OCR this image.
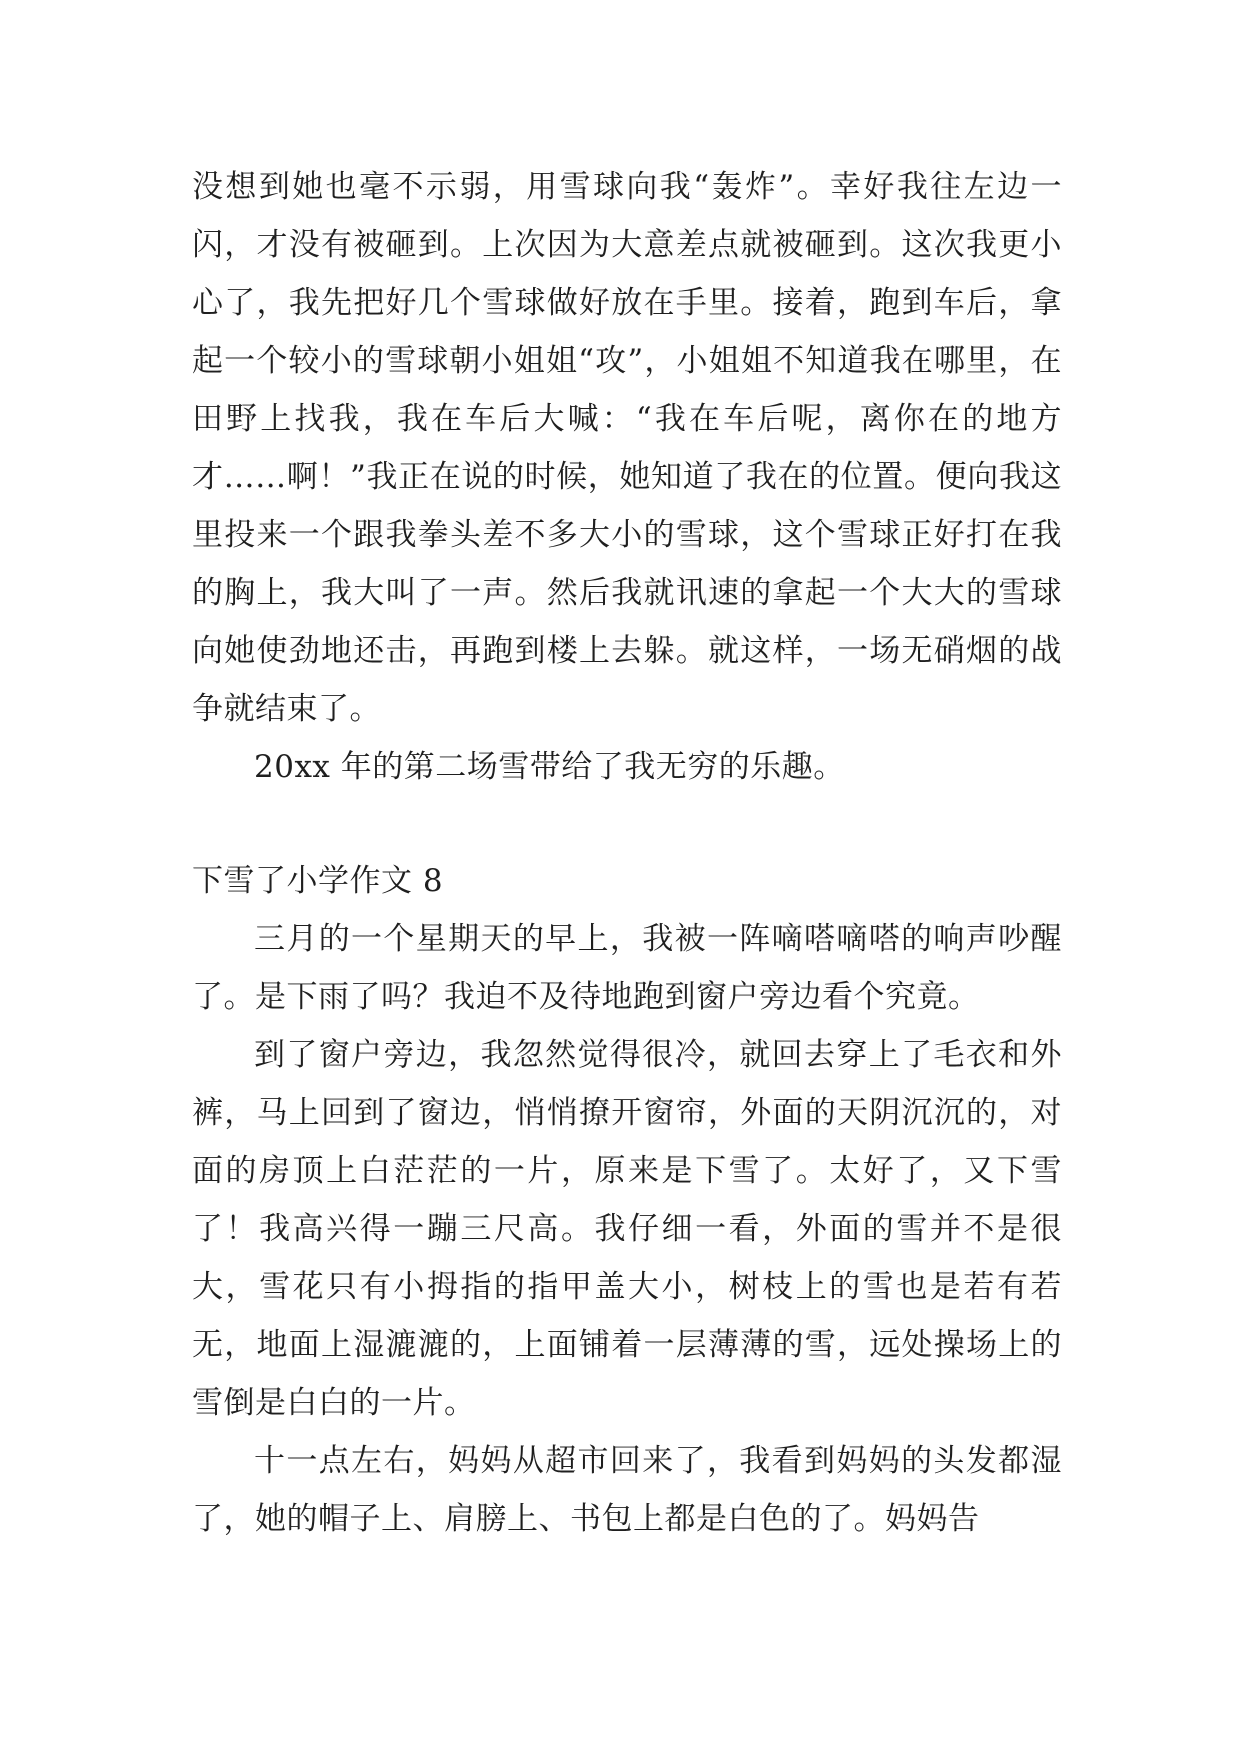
没想到她也毫不示弱，用雪球向我“轰炸”。幸好我往左边一闪，才没有被砸到。上次因为大意差点就被砸到。这次我更小心了，我先把好几个雪球做好放在手里。接着，跑到车后，拿起一个较小的雪球朝小姐姐“攻”，小姐姐不知道我在哪里，在田野上找我，我在车后大喊：“我在车后呢，离你在的地方才……啊！”我正在说的时候，她知道了我在的位置。便向我这里投来一个跟我拳头差不多大小的雪球，这个雪球正好打在我的胸上，我大叫了一声。然后我就讯速的拿起一个大大的雪球向她使劲地还击，再跑到楼上去躲。就这样，一场无硝烟的战争就结束了。

20xx 年的第二场雪带给了我无穷的乐趣。

下雪了小学作文 8

三月的一个星期天的早上，我被一阵嘀嗒嘀嗒的响声吵醒了。是下雨了吗？我迫不及待地跑到窗户旁边看个究竟。

到了窗户旁边，我忽然觉得很冷，就回去穿上了毛衣和外裤，马上回到了窗边，悄悄撩开窗帘，外面的天阴沉沉的，对面的房顶上白茫茫的一片，原来是下雪了。太好了，又下雪了！我高兴得一蹦三尺高。我仔细一看，外面的雪并不是很大，雪花只有小拇指的指甲盖大小，树枝上的雪也是若有若无，地面上湿漉漉的，上面铺着一层薄薄的雪，远处操场上的雪倒是白白的一片。

十一点左右，妈妈从超市回来了，我看到妈妈的头发都湿了，她的帽子上、肩膀上、书包上都是白色的了。妈妈告
